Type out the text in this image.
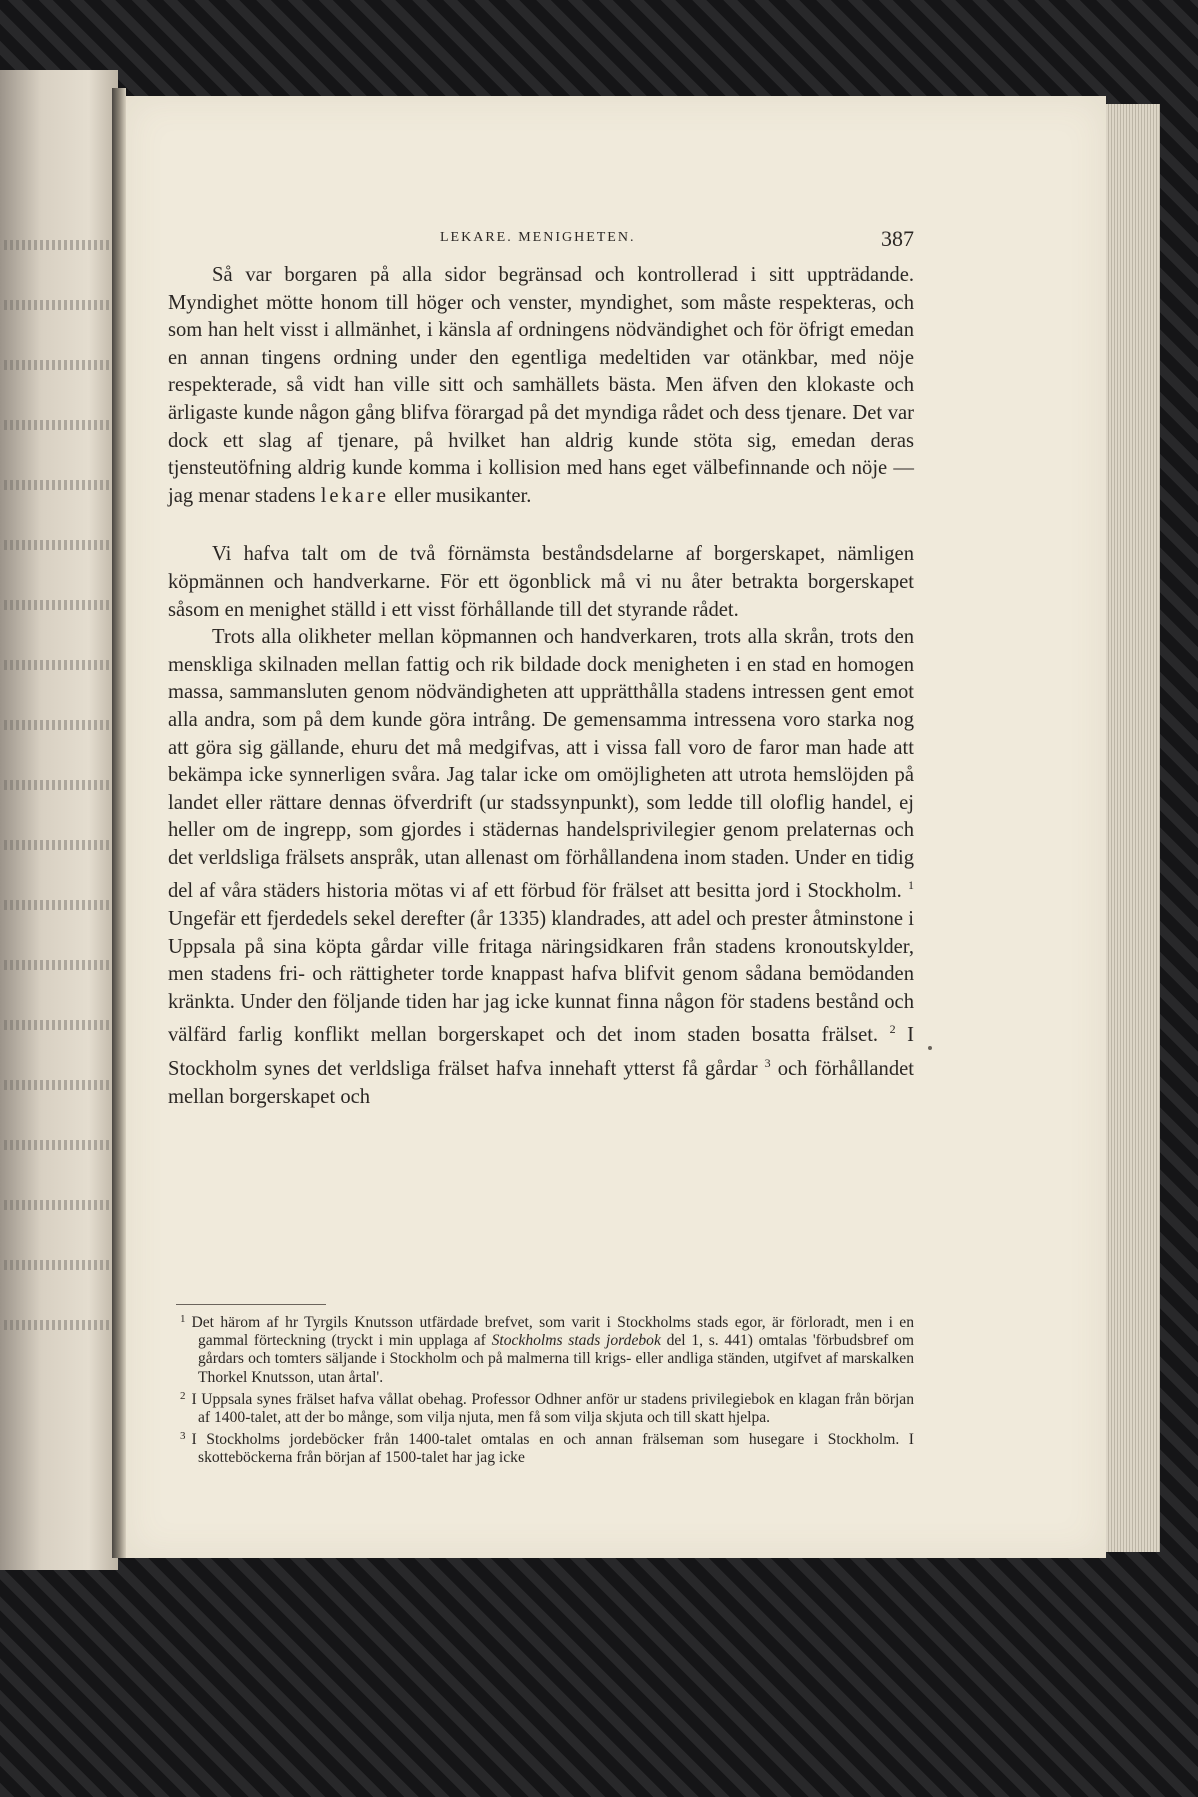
LEKARE. MENIGHETEN.	387

Så var borgaren på alla sidor begränsad och kontrollerad i sitt uppträdande. Myndighet mötte honom till höger och venster, myndighet, som måste respekteras, och som han helt visst i allmänhet, i känsla af ordningens nödvändighet och för öfrigt emedan en annan tingens ordning under den egentliga medeltiden var otänkbar, med nöje respekterade, så vidt han ville sitt och samhällets bästa. Men äfven den klokaste och ärligaste kunde någon gång blifva förargad på det myndiga rådet och dess tjenare. Det var dock ett slag af tjenare, på hvilket han aldrig kunde stöta sig, emedan deras tjensteutöfning aldrig kunde komma i kollision med hans eget välbefinnande och nöje — jag menar stadens lekare eller musikanter.

Vi hafva talt om de två förnämsta beståndsdelarne af borgerskapet, nämligen köpmännen och handverkarne. För ett ögonblick må vi nu åter betrakta borgerskapet såsom en menighet ställd i ett visst förhållande till det styrande rådet.

Trots alla olikheter mellan köpmannen och handverkaren, trots alla skrån, trots den menskliga skilnaden mellan fattig och rik bildade dock menigheten i en stad en homogen massa, sammansluten genom nödvändigheten att upprätthålla stadens intressen gent emot alla andra, som på dem kunde göra intrång. De gemensamma intressena voro starka nog att göra sig gällande, ehuru det må medgifvas, att i vissa fall voro de faror man hade att bekämpa icke synnerligen svåra. Jag talar icke om omöjligheten att utrota hemslöjden på landet eller rättare dennas öfverdrift (ur stadssynpunkt), som ledde till oloflig handel, ej heller om de ingrepp, som gjordes i städernas handelsprivilegier genom prelaternas och det verldsliga frälsets anspråk, utan allenast om förhållandena inom staden. Under en tidig del af våra städers historia mötas vi af ett förbud för frälset att besitta jord i Stockholm. $^1$ Ungefär ett fjerdedels sekel derefter (år 1335) klandrades, att adel och prester åtminstone i Uppsala på sina köpta gårdar ville fritaga näringsidkaren från stadens kronoutskylder, men stadens fri- och rättigheter torde knappast hafva blifvit genom sådana bemödanden kränkta. Under den följande tiden har jag icke kunnat finna någon för stadens bestånd och välfärd farlig konflikt mellan borgerskapet och det inom staden bosatta frälset. $^2$ I Stockholm synes det verldsliga frälset hafva innehaft ytterst få gårdar $^3$ och förhållandet mellan borgerskapet och

$^1$ Det härom af hr Tyrgils Knutsson utfärdade brefvet, som varit i Stockholms stads egor, är förloradt, men i en gammal förteckning (tryckt i min upplaga af Stockholms stads jordebok del 1, s. 441) omtalas 'förbudsbref om gårdars och tomters säljande i Stockholm och på malmerna till krigs- eller andliga ständen, utgifvet af marskalken Thorkel Knutsson, utan årtal'.

$^2$ I Uppsala synes frälset hafva vållat obehag. Professor Odhner anför ur stadens privilegiebok en klagan från början af 1400-talet, att der bo månge, som vilja njuta, men få som vilja skjuta och till skatt hjelpa.

$^3$ I Stockholms jordeböcker från 1400-talet omtalas en och annan frälseman som husegare i Stockholm. I skotteböckerna från början af 1500-talet har jag icke
